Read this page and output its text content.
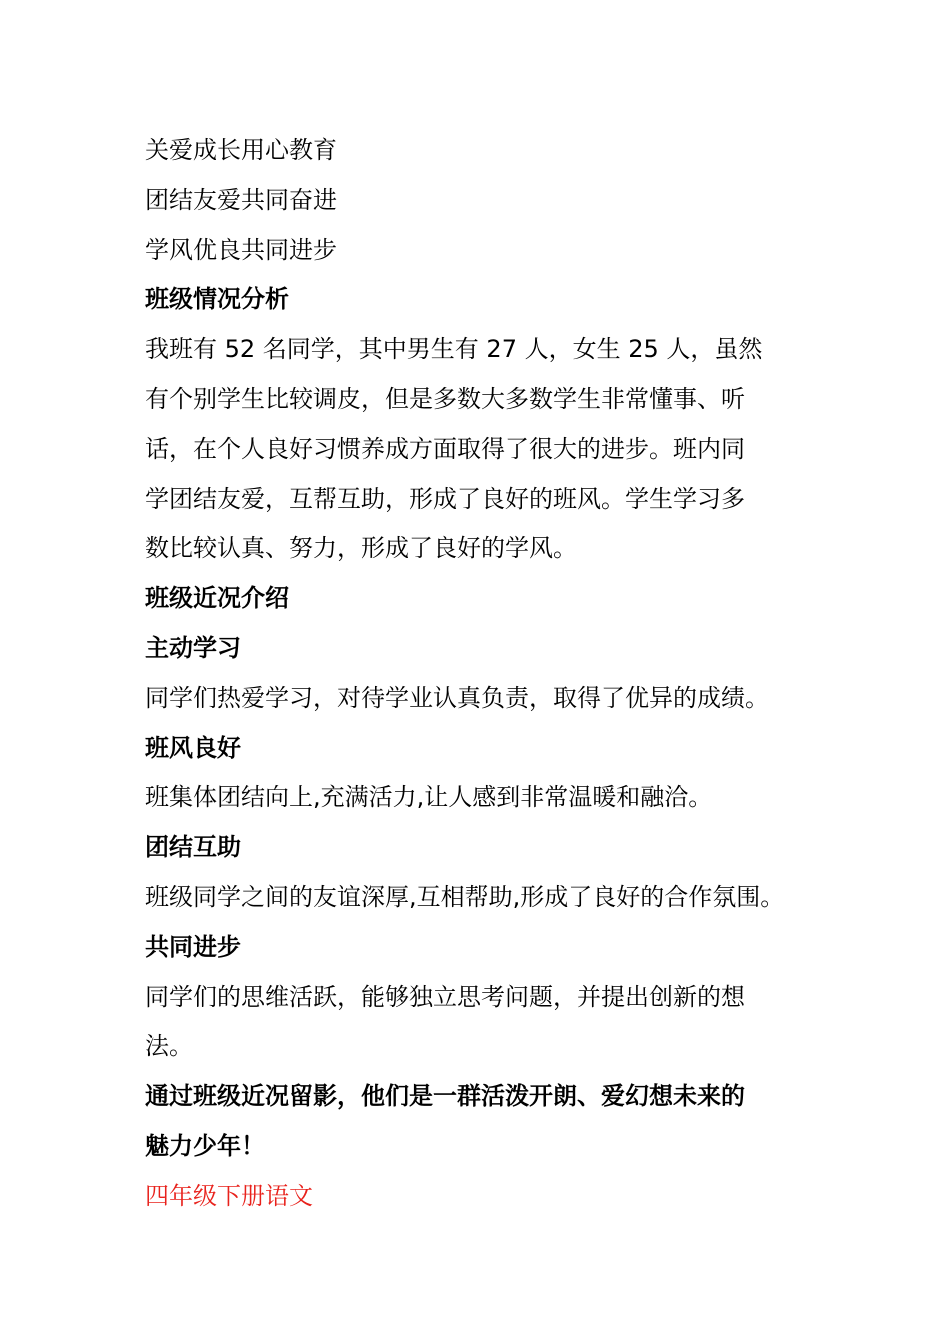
关爱成长用心教育
团结友爱共同奋进
学风优良共同进步
班级情况分析
我班有 52 名同学，其中男生有 27 人，女生 25 人，虽然
有个别学生比较调皮，但是多数大多数学生非常懂事、听
话，在个人良好习惯养成方面取得了很大的进步。班内同
学团结友爱，互帮互助，形成了良好的班风。学生学习多
数比较认真、努力，形成了良好的学风。
班级近况介绍
主动学习
同学们热爱学习，对待学业认真负责，取得了优异的成绩。
班风良好
班集体团结向上,充满活力,让人感到非常温暖和融洽。
团结互助
班级同学之间的友谊深厚,互相帮助,形成了良好的合作氛围。
共同进步
同学们的思维活跃，能够独立思考问题，并提出创新的想
法。
通过班级近况留影，他们是一群活泼开朗、爱幻想未来的
魅力少年！
四年级下册语文
